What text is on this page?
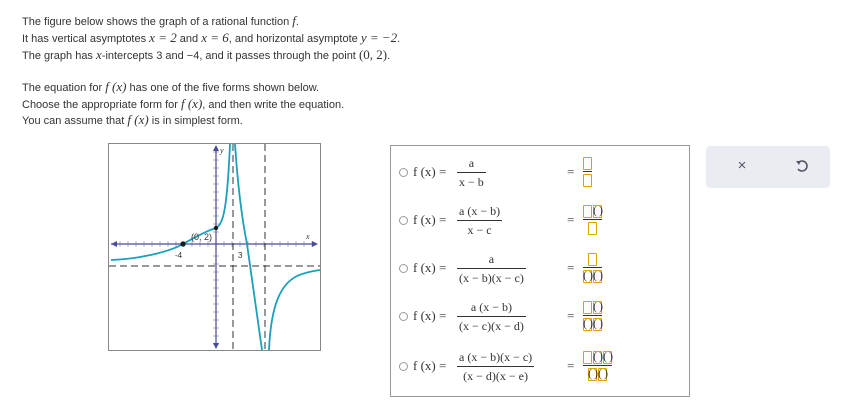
The figure below shows the graph of a rational function f.
It has vertical asymptotes x = 2 and x = 6, and horizontal asymptote y = −2.
The graph has x-intercepts 3 and −4, and it passes through the point (0, 2).
The equation for f (x) has one of the five forms shown below.
Choose the appropriate form for f (x), and then write the equation.
You can assume that f (x) is in simplest form.
(0, 2)
-4	3
y
x
f (x) =
a
x − b
=
f (x) =
a (x − b)
x − c
=
( )
f (x) =
a
(x − b)(x − c)
=
( )
( )
f (x) =
a (x − b)
(x − c)(x − d)
=
( )
( )
( )
f (x) =
a (x − b)(x − c)
(x − d)(x − e)
=
( )
( )
( )
( )
×
